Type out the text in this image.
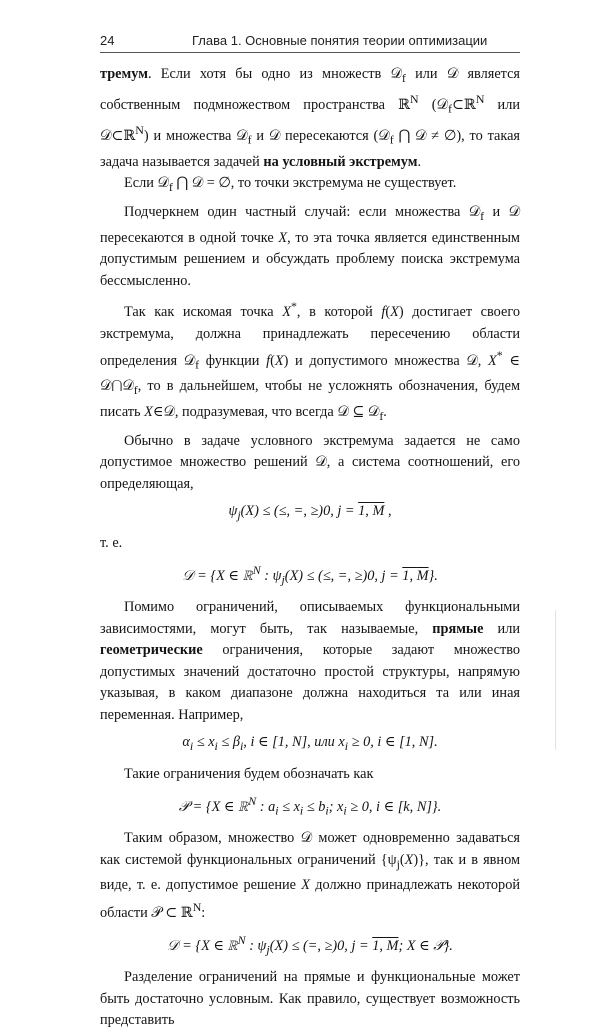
24	Глава 1. Основные понятия теории оптимизации

тремум. Если хотя бы одно из множеств 𝒟$_f$ или 𝒟 является собственным подмножеством пространства ℝ$^N$ (𝒟$_f$⊂ℝ$^N$ или 𝒟⊂ℝ$^N$) и множества 𝒟$_f$ и 𝒟 пересекаются (𝒟$_f$ ⋂ 𝒟 ≠ ∅), то такая задача называется задачей на условный экстремум.

Если 𝒟$_f$ ⋂ 𝒟 = ∅, то точки экстремума не существует.

Подчеркнем один частный случай: если множества 𝒟$_f$ и 𝒟 пересекаются в одной точке X, то эта точка является единственным допустимым решением и обсуждать проблему поиска экстремума бессмысленно.

Так как искомая точка X*, в которой f(X) достигает своего экстремума, должна принадлежать пересечению области определения 𝒟$_f$ функции f(X) и допустимого множества 𝒟, X* ∈ 𝒟⋂𝒟$_f$, то в дальнейшем, чтобы не усложнять обозначения, будем писать X∈𝒟, подразумевая, что всегда 𝒟 ⊆ 𝒟$_f$.

Обычно в задаче условного экстремума задается не само допустимое множество решений 𝒟, а система соотношений, его определяющая,

$\psi_j(X)$ ≤ (≤, =, ≥)0, j = 1, M ,

т. е.

𝒟 = {X ∈ ℝ$^N$ : $\psi_j(X)$ ≤ (≤, =, ≥)0, j = 1, M}.

Помимо ограничений, описываемых функциональными зависимостями, могут быть, так называемые, прямые или геометрические ограничения, которые задают множество допустимых значений достаточно простой структуры, напрямую указывая, в каком диапазоне должна находиться та или иная переменная. Например,

$\alpha_i \le x_i \le \beta_i$, i ∈ [1, N], или $x_i \ge 0$, i ∈ [1, N].

Такие ограничения будем обозначать как

𝒫 = {X ∈ ℝ$^N$ : $a_i \le x_i \le b_i$; $x_i \ge 0$, i ∈ [k, N]}.

Таким образом, множество 𝒟 может одновременно задаваться как системой функциональных ограничений $\{\psi_j(X)\}$, так и в явном виде, т. е. допустимое решение X должно принадлежать некоторой области 𝒫 ⊂ ℝ$^N$:

𝒟 = {X ∈ ℝ$^N$ : $\psi_j(X)$ ≤ (=, ≥)0, j = 1, M; X ∈ 𝒫}.

Разделение ограничений на прямые и функциональные может быть достаточно условным. Как правило, существует возможность представить
